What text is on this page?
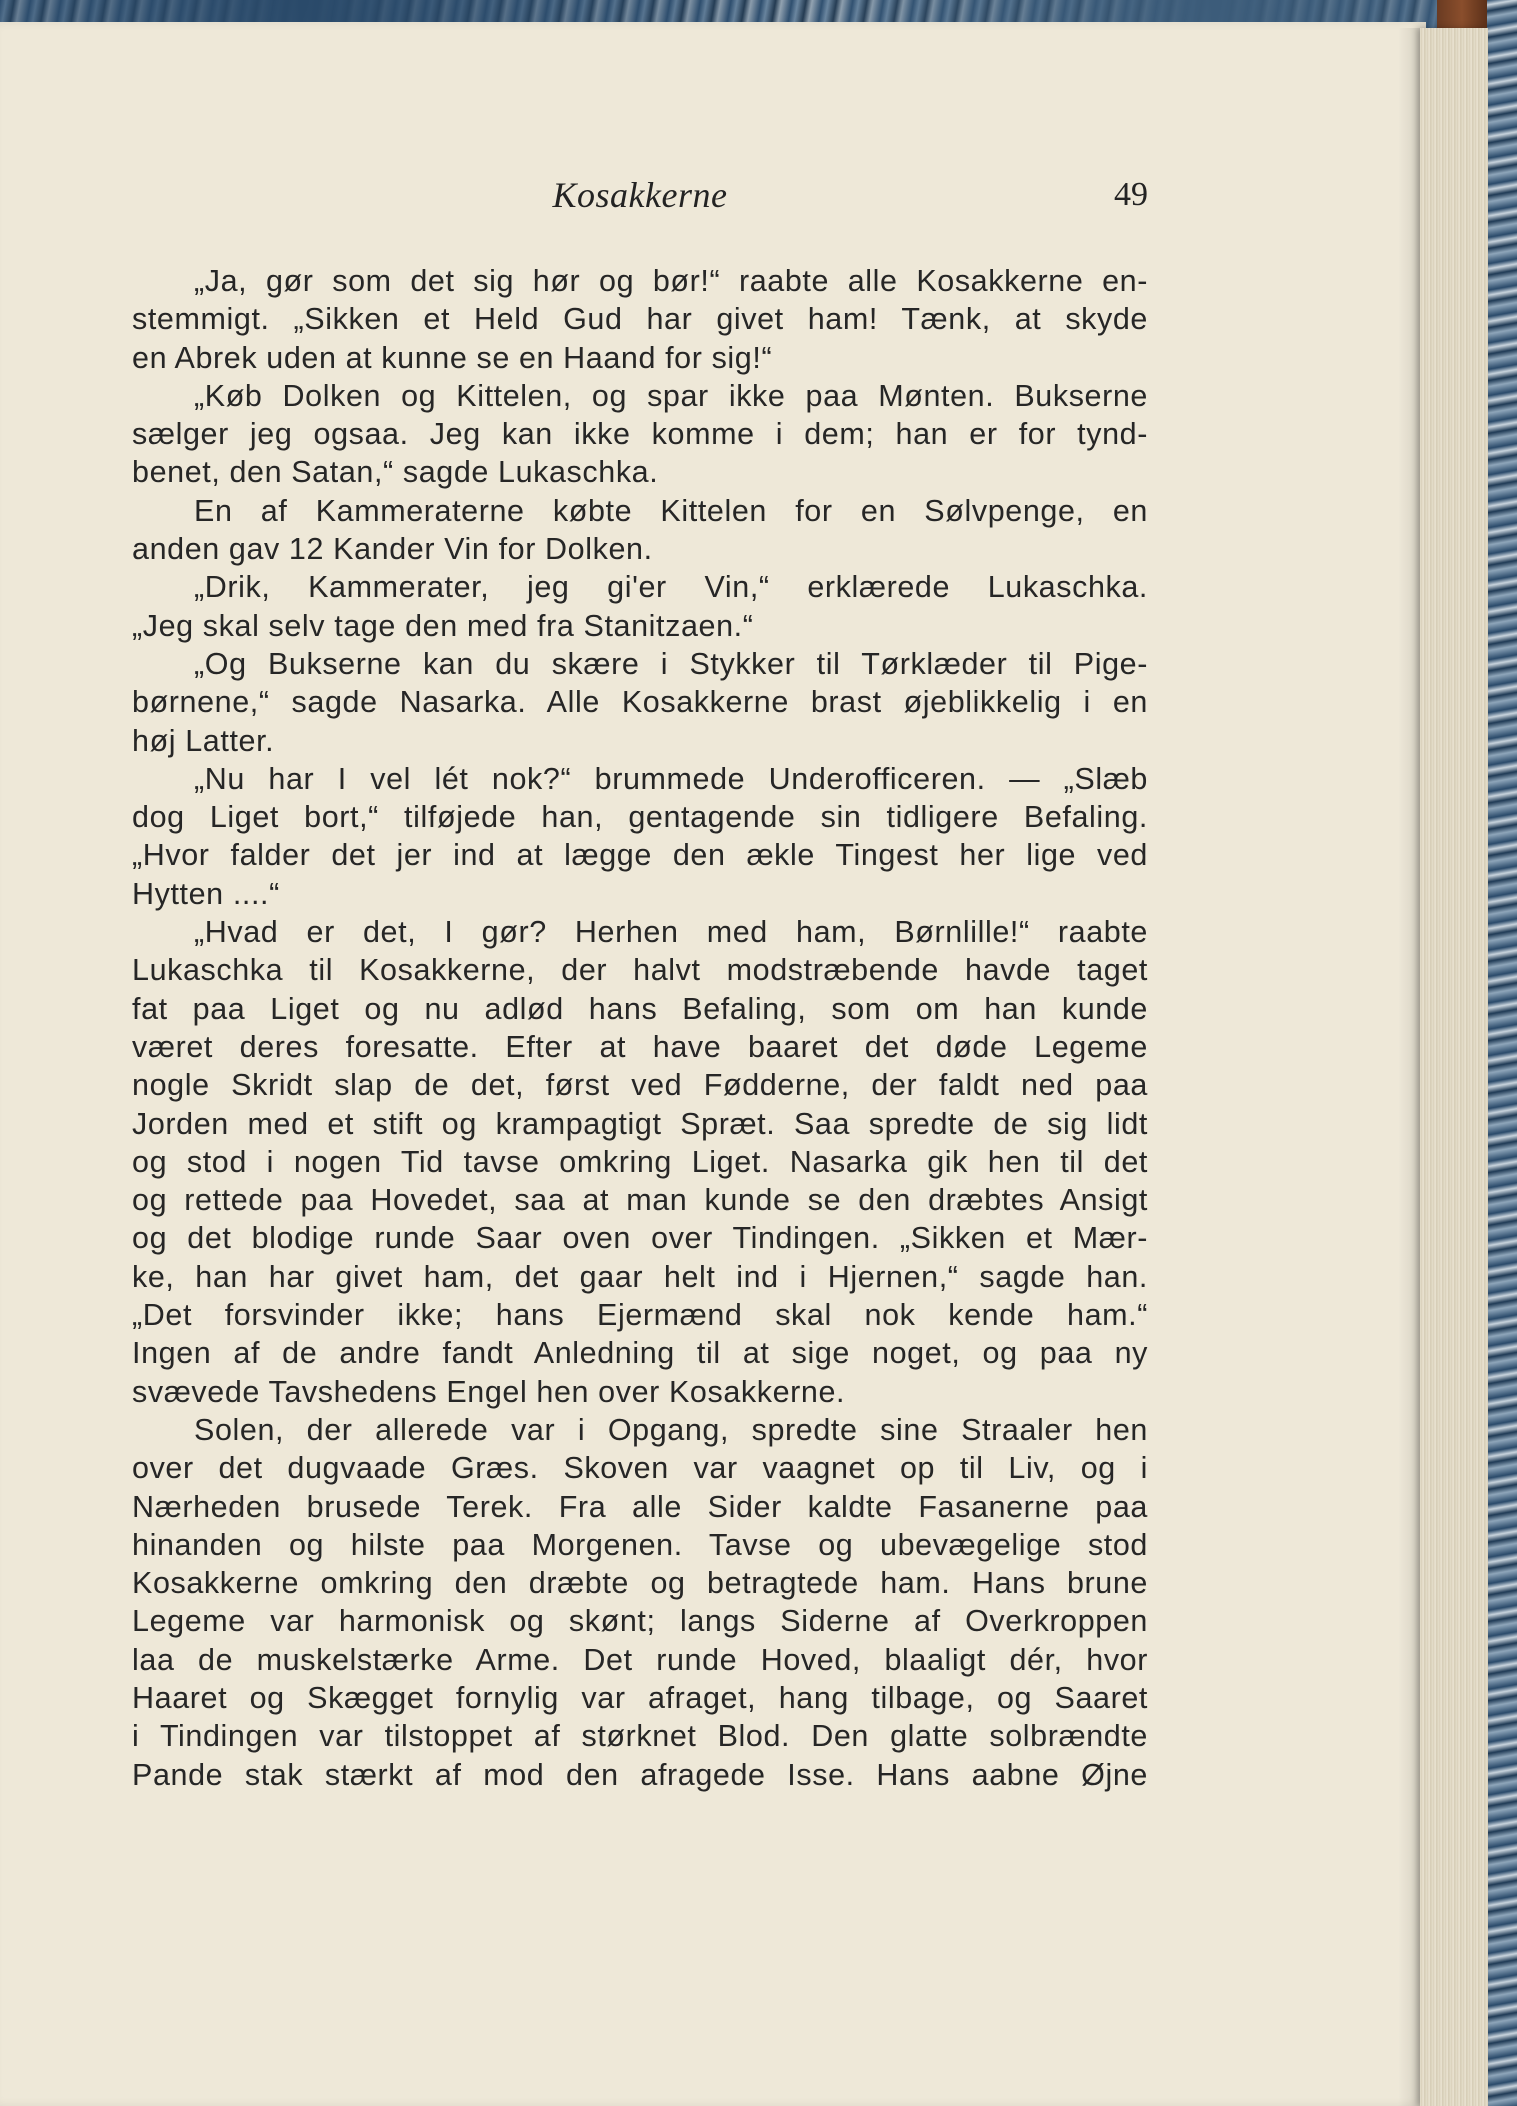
Kosakkerne	49
„Ja, gør som det sig hør og bør!“ raabte alle Kosakkerne en-
stemmigt. „Sikken et Held Gud har givet ham! Tænk, at skyde
en Abrek uden at kunne se en Haand for sig!“
„Køb Dolken og Kittelen, og spar ikke paa Mønten. Bukserne
sælger jeg ogsaa. Jeg kan ikke komme i dem; han er for tynd-
benet, den Satan,“ sagde Lukaschka.
En af Kammeraterne købte Kittelen for en Sølvpenge, en
anden gav 12 Kander Vin for Dolken.
„Drik, Kammerater, jeg gi'er Vin,“ erklærede Lukaschka.
„Jeg skal selv tage den med fra Stanitzaen.“
„Og Bukserne kan du skære i Stykker til Tørklæder til Pige-
børnene,“ sagde Nasarka. Alle Kosakkerne brast øjeblikkelig i en
høj Latter.
„Nu har I vel lét nok?“ brummede Underofficeren. — „Slæb
dog Liget bort,“ tilføjede han, gentagende sin tidligere Befaling.
„Hvor falder det jer ind at lægge den ækle Tingest her lige ved
Hytten ....“
„Hvad er det, I gør? Herhen med ham, Børnlille!“ raabte
Lukaschka til Kosakkerne, der halvt modstræbende havde taget
fat paa Liget og nu adlød hans Befaling, som om han kunde
været deres foresatte. Efter at have baaret det døde Legeme
nogle Skridt slap de det, først ved Fødderne, der faldt ned paa
Jorden med et stift og krampagtigt Spræt. Saa spredte de sig lidt
og stod i nogen Tid tavse omkring Liget. Nasarka gik hen til det
og rettede paa Hovedet, saa at man kunde se den dræbtes Ansigt
og det blodige runde Saar oven over Tindingen. „Sikken et Mær-
ke, han har givet ham, det gaar helt ind i Hjernen,“ sagde han.
„Det forsvinder ikke; hans Ejermænd skal nok kende ham.“
Ingen af de andre fandt Anledning til at sige noget, og paa ny
svævede Tavshedens Engel hen over Kosakkerne.
Solen, der allerede var i Opgang, spredte sine Straaler hen
over det dugvaade Græs. Skoven var vaagnet op til Liv, og i
Nærheden brusede Terek. Fra alle Sider kaldte Fasanerne paa
hinanden og hilste paa Morgenen. Tavse og ubevægelige stod
Kosakkerne omkring den dræbte og betragtede ham. Hans brune
Legeme var harmonisk og skønt; langs Siderne af Overkroppen
laa de muskelstærke Arme. Det runde Hoved, blaaligt dér, hvor
Haaret og Skægget fornylig var afraget, hang tilbage, og Saaret
i Tindingen var tilstoppet af størknet Blod. Den glatte solbrændte
Pande stak stærkt af mod den afragede Isse. Hans aabne Øjne
